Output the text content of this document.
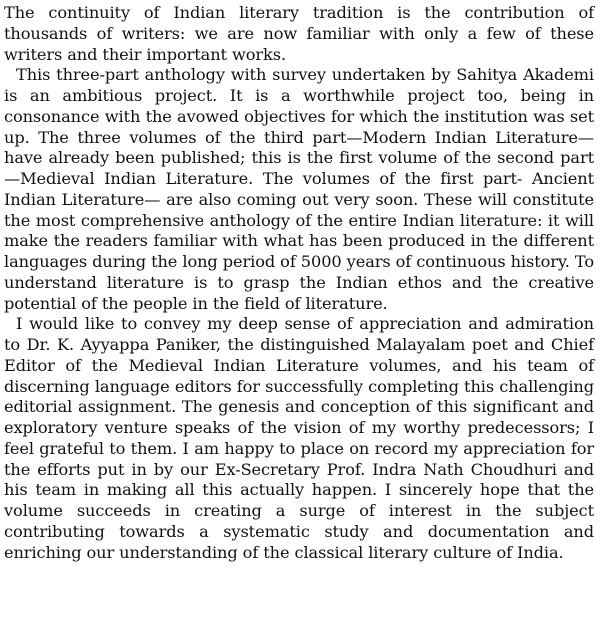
The continuity of Indian literary tradition is the contribution of thousands of writers: we are now familiar with only a few of these writers and their important works.

This three-part anthology with survey undertaken by Sahitya Akademi is an ambitious project. It is a worthwhile project too, being in consonance with the avowed objectives for which the institution was set up. The three volumes of the third part—Modern Indian Literature—have already been published; this is the first volume of the second part—Medieval Indian Literature. The volumes of the first part- Ancient Indian Literature— are also coming out very soon. These will constitute the most comprehensive anthology of the entire Indian literature: it will make the readers familiar with what has been produced in the different languages during the long period of 5000 years of continuous history. To understand literature is to grasp the Indian ethos and the creative potential of the people in the field of literature.

I would like to convey my deep sense of appreciation and admiration to Dr. K. Ayyappa Paniker, the distinguished Malayalam poet and Chief Editor of the Medieval Indian Literature volumes, and his team of discerning language editors for successfully completing this challenging editorial assignment. The genesis and conception of this significant and exploratory venture speaks of the vision of my worthy predecessors; I feel grateful to them. I am happy to place on record my appreciation for the efforts put in by our Ex-Secretary Prof. Indra Nath Choudhuri and his team in making all this actually happen. I sincerely hope that the volume succeeds in creating a surge of interest in the subject contributing towards a systematic study and documentation and enriching our understanding of the classical literary culture of India.
